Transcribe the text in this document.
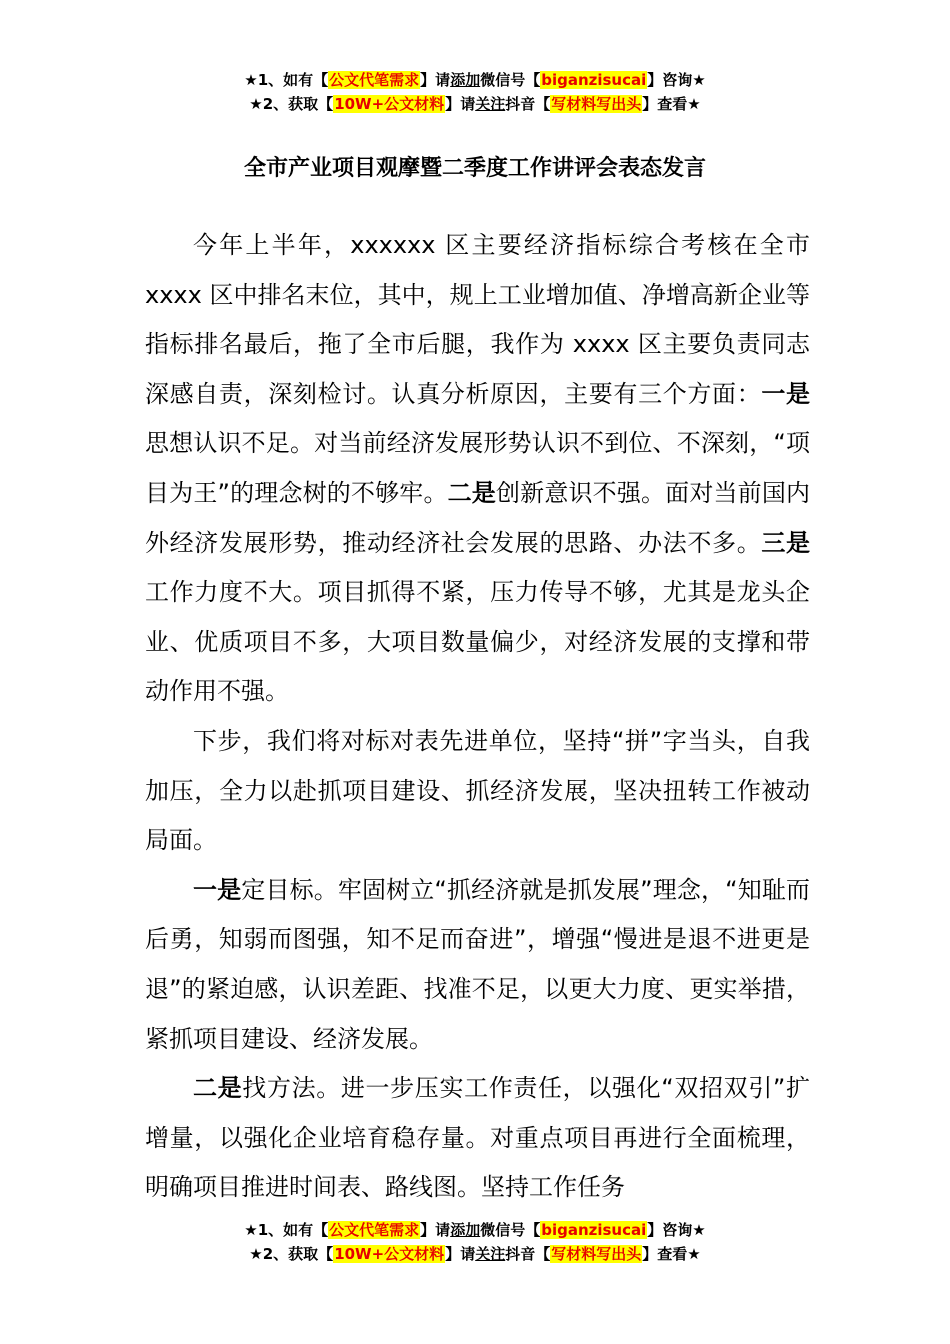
★1、如有【公文代笔需求】请添加微信号【biganzisucai】咨询★
★2、获取【10W+公文材料】请关注抖音【写材料写出头】查看★
全市产业项目观摩暨二季度工作讲评会表态发言

今年上半年，xxxxxx 区主要经济指标综合考核在全市 xxxx 区中排名末位，其中，规上工业增加值、净增高新企业等指标排名最后，拖了全市后腿，我作为 xxxx 区主要负责同志深感自责，深刻检讨。认真分析原因，主要有三个方面：一是思想认识不足。对当前经济发展形势认识不到位、不深刻，“项目为王”的理念树的不够牢。二是创新意识不强。面对当前国内外经济发展形势，推动经济社会发展的思路、办法不多。三是工作力度不大。项目抓得不紧，压力传导不够，尤其是龙头企业、优质项目不多，大项目数量偏少，对经济发展的支撑和带动作用不强。

下步，我们将对标对表先进单位，坚持“拼”字当头，自我加压，全力以赴抓项目建设、抓经济发展，坚决扭转工作被动局面。

一是定目标。牢固树立“抓经济就是抓发展”理念，“知耻而后勇，知弱而图强，知不足而奋进”，增强“慢进是退不进更是退”的紧迫感，认识差距、找准不足，以更大力度、更实举措，紧抓项目建设、经济发展。

二是找方法。进一步压实工作责任，以强化“双招双引”扩增量，以强化企业培育稳存量。对重点项目再进行全面梳理，明确项目推进时间表、路线图。坚持工作任务

★1、如有【公文代笔需求】请添加微信号【biganzisucai】咨询★
★2、获取【10W+公文材料】请关注抖音【写材料写出头】查看★
